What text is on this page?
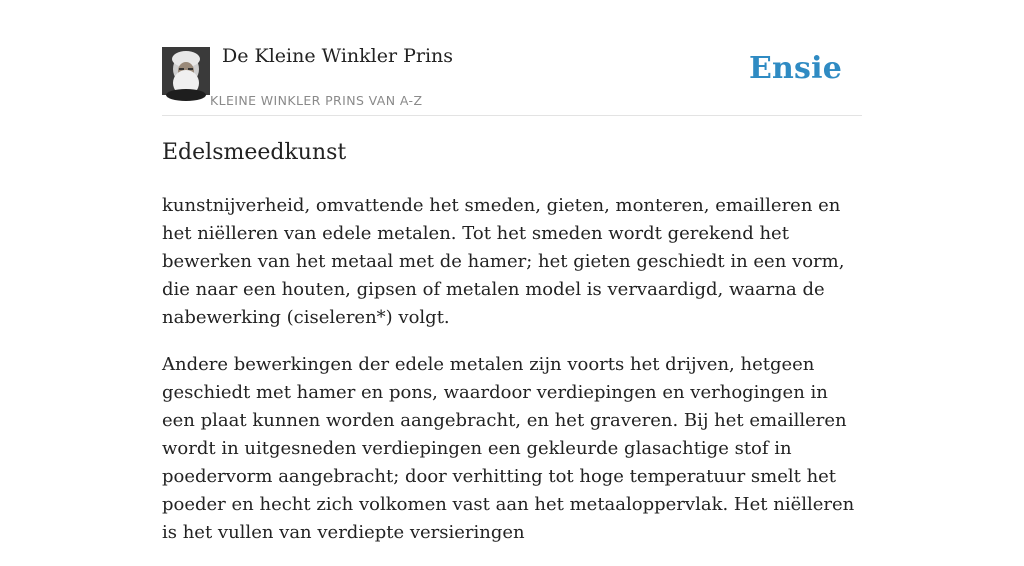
De Kleine Winkler Prins
KLEINE WINKLER PRINS VAN A-Z
Ensie
Edelsmeedkunst

kunstnijverheid, omvattende het smeden, gieten, monteren, emailleren en het niëlleren van edele metalen. Tot het smeden wordt gerekend het bewerken van het metaal met de hamer; het gieten geschiedt in een vorm, die naar een houten, gipsen of metalen model is vervaardigd, waarna de nabewerking (ciseleren*) volgt.

Andere bewerkingen der edele metalen zijn voorts het drijven, hetgeen geschiedt met hamer en pons, waardoor verdiepingen en verhogingen in een plaat kunnen worden aangebracht, en het graveren. Bij het emailleren wordt in uitgesneden verdiepingen een gekleurde glasachtige stof in poedervorm aangebracht; door verhitting tot hoge temperatuur smelt het poeder en hecht zich volkomen vast aan het metaaloppervlak. Het niëlleren is het vullen van verdiepte versieringen
